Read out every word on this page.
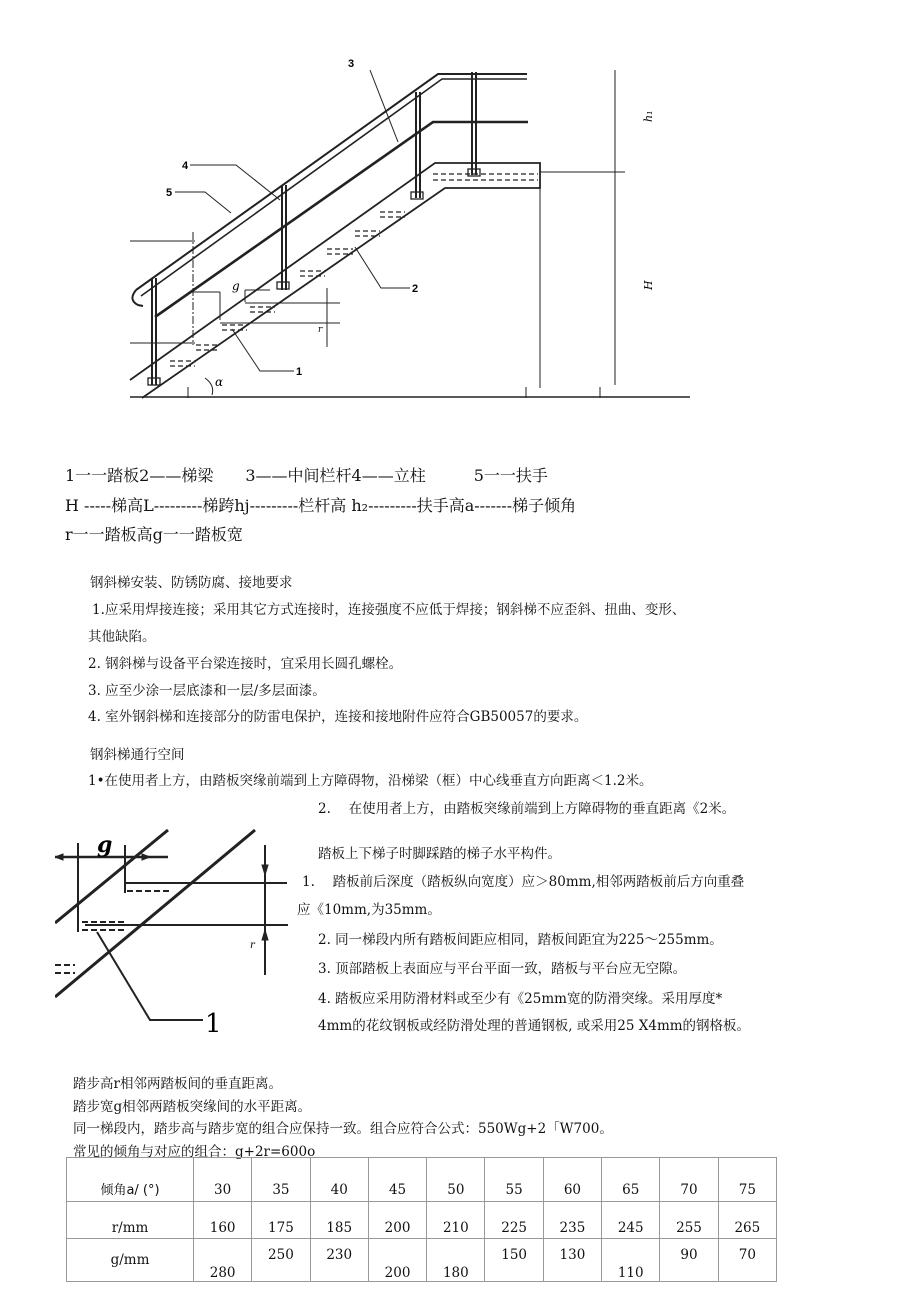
3
4
5
2
1
g
r
α
H
h₁
1一一踏板2——梯梁　　3——中间栏杆4——立柱　　　5一一扶手
H -----梯高L---------梯跨hj---------栏杆高 h₂---------扶手高a-------梯子倾角
r一一踏板高g一一踏板宽
钢斜梯安装、防锈防腐、接地要求
1.应采用焊接连接；采用其它方式连接时，连接强度不应低于焊接；钢斜梯不应歪斜、扭曲、变形、
其他缺陷。
2. 钢斜梯与设备平台梁连接时，宜采用长圆孔螺栓。
3. 应至少涂一层底漆和一层/多层面漆。
4. 室外钢斜梯和连接部分的防雷电保护，连接和接地附件应符合GB50057的要求。
钢斜梯通行空间
1•在使用者上方，由踏板突缘前端到上方障碍物，沿梯梁（框）中心线垂直方向距离＜1.2米。
2.　 在使用者上方，由踏板突缘前端到上方障碍物的垂直距离《2米。
g
r
1
踏板上下梯子时脚踩踏的梯子水平构件。
1.　 踏板前后深度（踏板纵向宽度）应＞80mm,相邻两踏板前后方向重叠
应《10mm,为35mm。
2. 同一梯段内所有踏板间距应相同，踏板间距宜为225〜255mm。
3. 顶部踏板上表面应与平台平面一致，踏板与平台应无空隙。
4. 踏板应采用防滑材料或至少有《25mm宽的防滑突缘。采用厚度*
4mm的花纹钢板或经防滑处理的普通钢板, 或采用25 X4mm的钢格板。
踏步高r相邻两踏板间的垂直距离。
踏步宽g相邻两踏板突缘间的水平距离。
同一梯段内，踏步高与踏步宽的组合应保持一致。组合应符合公式：550Wg+2「W700。
常见的倾角与对应的组合：g+2r=600o
倾角a/ (°)	30	35	40	45	50	55	60	65	70	75
r/mm	160	175	185	200	210	225	235	245	255	265
g/mm	280	250	230	200	180	150	130	110	90	70
